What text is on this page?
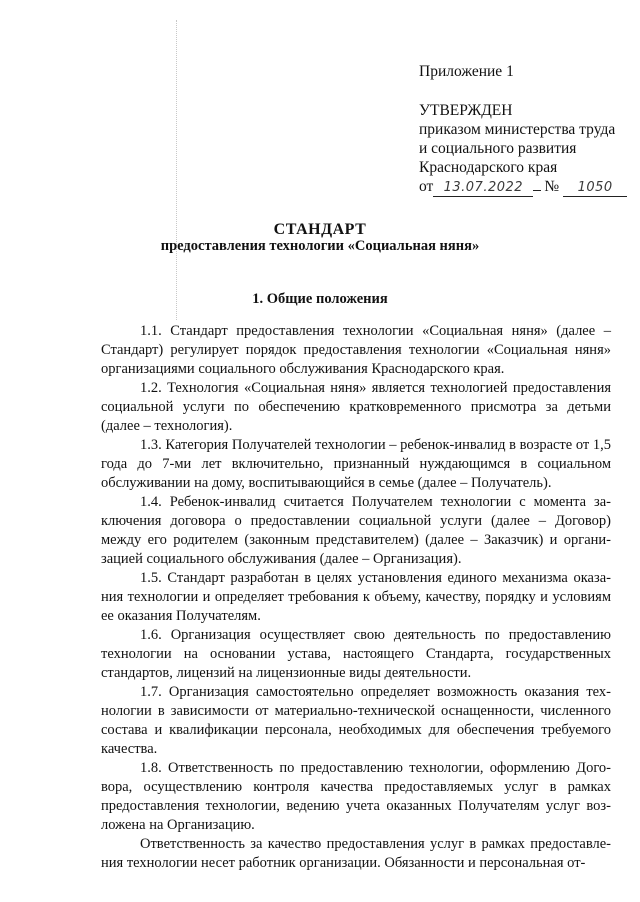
Приложение 1
УТВЕРЖДЕН
приказом министерства труда
и социального развития
Краснодарского края
от 13.07.2022	№	1050
СТАНДАРТ
предоставления технологии «Социальная няня»
1. Общие положения

1.1. Стандарт предоставления технологии «Социальная няня» (далее – Стандарт) регулирует порядок предоставления технологии «Социальная няня» организациями социального обслуживания Краснодарского края.

1.2. Технология «Социальная няня» является технологией предоставления социальной услуги по обеспечению кратковременного присмотра за детьми (далее – технология).

1.3. Категория Получателей технологии – ребенок-инвалид в возрасте от 1,5 года до 7-ми лет включительно, признанный нуждающимся в социальном обслуживании на дому, воспитывающийся в семье (далее – Получатель).

1.4. Ребенок-инвалид считается Получателем технологии с момента заключения договора о предоставлении социальной услуги (далее – Договор) между его родителем (законным представителем) (далее – Заказчик) и организацией социального обслуживания (далее – Организация).

1.5. Стандарт разработан в целях установления единого механизма оказания технологии и определяет требования к объему, качеству, порядку и условиям ее оказания Получателям.

1.6. Организация осуществляет свою деятельность по предоставлению технологии на основании устава, настоящего Стандарта, государственных стандартов, лицензий на лицензионные виды деятельности.

1.7. Организация самостоятельно определяет возможность оказания технологии в зависимости от материально-технической оснащенности, численного состава и квалификации персонала, необходимых для обеспечения требуемого качества.

1.8. Ответственность по предоставлению технологии, оформлению Договора, осуществлению контроля качества предоставляемых услуг в рамках предоставления технологии, ведению учета оказанных Получателям услуг возложена на Организацию.

Ответственность за качество предоставления услуг в рамках предоставления технологии несет работник организации. Обязанности и персональная от-
